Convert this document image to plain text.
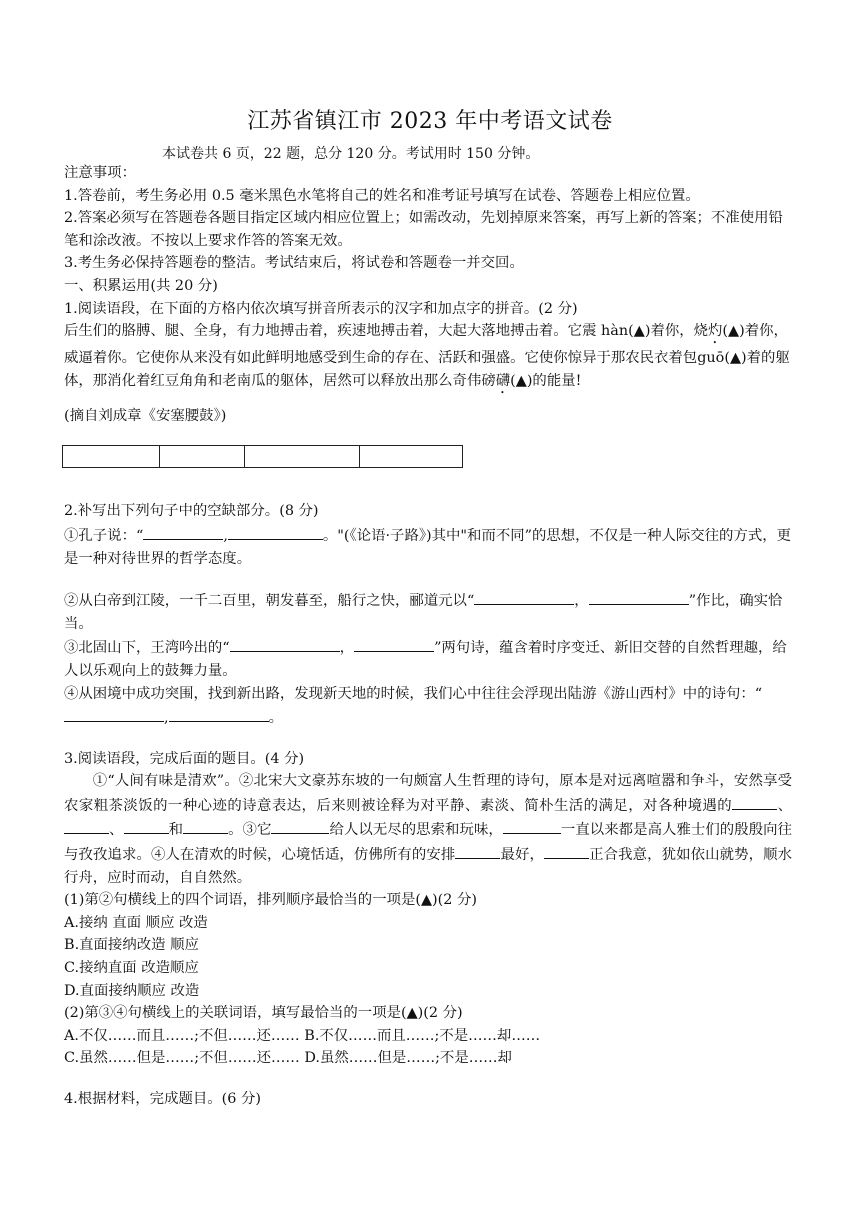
江苏省镇江市 2023 年中考语文试卷
本试卷共 6 页，22 题，总分 120 分。考试用时 150 分钟。

注意事项：

1.答卷前，考生务必用 0.5 毫米黑色水笔将自己的姓名和准考证号填写在试卷、答题卷上相应位置。

2.答案必须写在答题卷各题目指定区域内相应位置上；如需改动，先划掉原来答案，再写上新的答案；不准使用铅笔和涂改液。不按以上要求作答的答案无效。

3.考生务必保持答题卷的整洁。考试结束后，将试卷和答题卷一并交回。

一、积累运用(共 20 分)

1.阅读语段，在下面的方格内依次填写拼音所表示的汉字和加点字的拼音。(2 分)

后生们的胳膊、腿、全身，有力地搏击着，疾速地搏击着，大起大落地搏击着。它震 hàn(▲)着你，烧灼(▲)着你，威逼着你。它使你从来没有如此鲜明地感受到生命的存在、活跃和强盛。它使你惊异于那农民衣着包guō(▲)着的躯体，那消化着红豆角角和老南瓜的躯体，居然可以释放出那么奇伟磅礴(▲)的能量!

(摘自刘成章《安塞腰鼓》)

2.补写出下列句子中的空缺部分。(8 分)

①孔子说：“	,	。"(《论语·子路》)其中"和而不同”的思想，不仅是一种人际交往的方式，更是一种对待世界的哲学态度。

②从白帝到江陵，一千二百里，朝发暮至，船行之快，郦道元以“	，	”作比，确实恰当。

③北固山下，王湾吟出的“	，	”两句诗，蕴含着时序变迁、新旧交替的自然哲理趣，给人以乐观向上的鼓舞力量。

④从困境中成功突围，找到新出路，发现新天地的时候，我们心中往往会浮现出陆游《游山西村》中的诗句：“,	。

3.阅读语段，完成后面的题目。(4 分)

①“人间有味是清欢”。②北宋大文豪苏东坡的一句颇富人生哲理的诗句，原本是对远离喧嚣和争斗，安然享受农家粗茶淡饭的一种心迹的诗意表达，后来则被诠释为对平静、素淡、简朴生活的满足，对各种境遇的	、、	和	。③它	给人以无尽的思索和玩味，	一直以来都是高人雅士们的殷殷向往与孜孜追求。④人在清欢的时候，心境恬适，仿佛所有的安排	最好，	正合我意，犹如依山就势，顺水行舟，应时而动，自自然然。

(1)第②句横线上的四个词语，排列顺序最恰当的一项是(▲)(2 分)

A.接纳 直面 顺应 改造

B.直面接纳改造 顺应

C.接纳直面 改造顺应

D.直面接纳顺应 改造

(2)第③④句横线上的关联词语，填写最恰当的一项是(▲)(2 分)

A.不仅……而且……;不但……还…… B.不仅……而且……;不是……却……

C.虽然……但是……;不但……还…… D.虽然……但是……;不是……却

4.根据材料，完成题目。(6 分)
